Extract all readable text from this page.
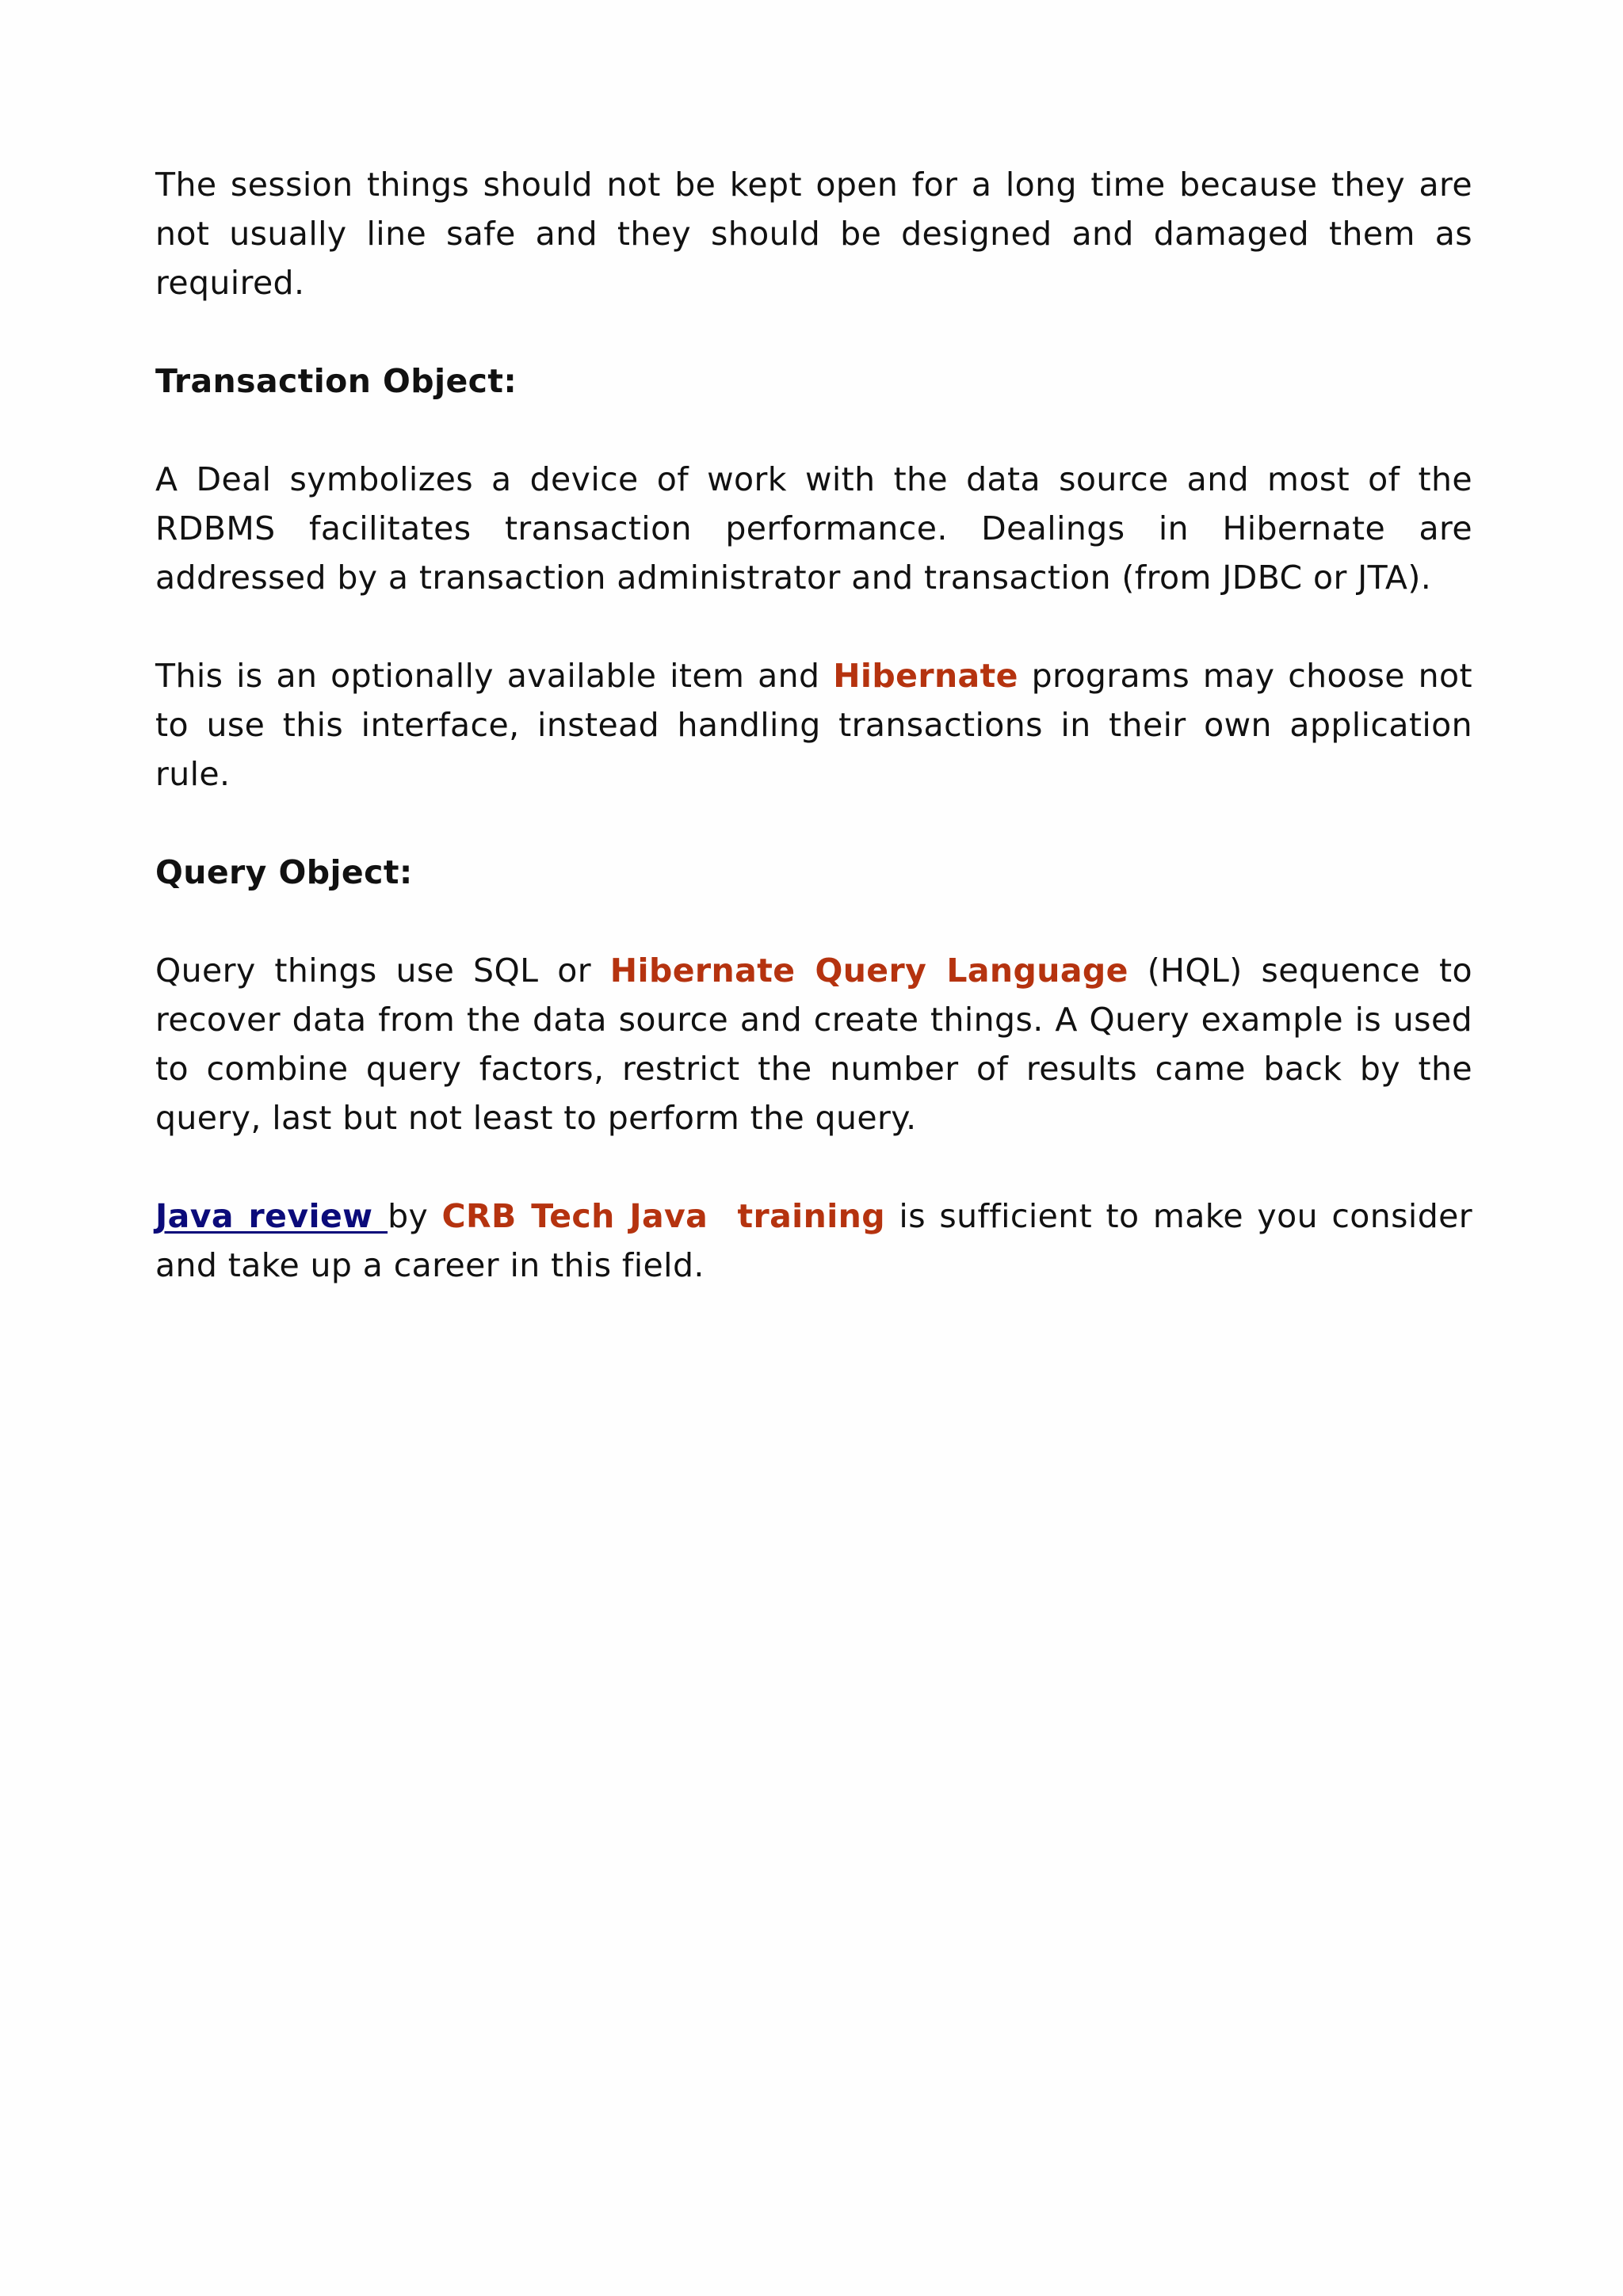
The session things should not be kept open for a long time because they are not usually line safe and they should be designed and damaged them as required.

Transaction Object:

A Deal symbolizes a device of work with the data source and most of the RDBMS facilitates transaction performance. Dealings in Hibernate are addressed by a transaction administrator and transaction (from JDBC or JTA).

This is an optionally available item and Hibernate programs may choose not to use this interface, instead handling transactions in their own application rule.

Query Object:

Query things use SQL or Hibernate Query Language (HQL) sequence to recover data from the data source and create things. A Query example is used to combine query factors, restrict the number of results came back by the query, last but not least to perform the query.

Java review by CRB Tech Java  training is sufficient to make you consider and take up a career in this field.
